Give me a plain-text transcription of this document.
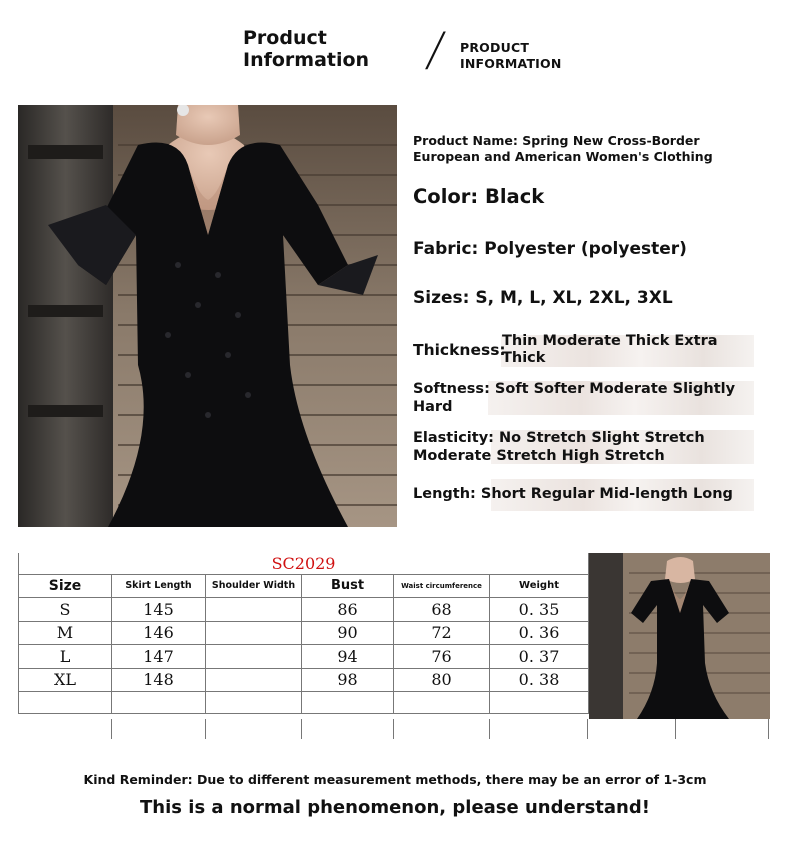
Product
Information / PRODUCT
INFORMATION
Product Name: Spring New Cross-Border European and American Women's Clothing
Color: Black
Fabric: Polyester (polyester)
Sizes: S, M, L, XL, 2XL, 3XL
Thickness:
Thin Moderate Thick Extra Thick
Softness: Soft Softer Moderate Slightly Hard
Elasticity: No Stretch Slight Stretch Moderate Stretch High Stretch
Length: Short Regular Mid-length Long
SC2029					
Size	Skirt Length	Shoulder Width	Bust	Waist circumference	Weight
S	145		86	68	0. 35
M	146		90	72	0. 36
L	147		94	76	0. 37
XL	148		98	80	0. 38

Kind Reminder: Due to different measurement methods, there may be an error of 1-3cm
This is a normal phenomenon, please understand!
